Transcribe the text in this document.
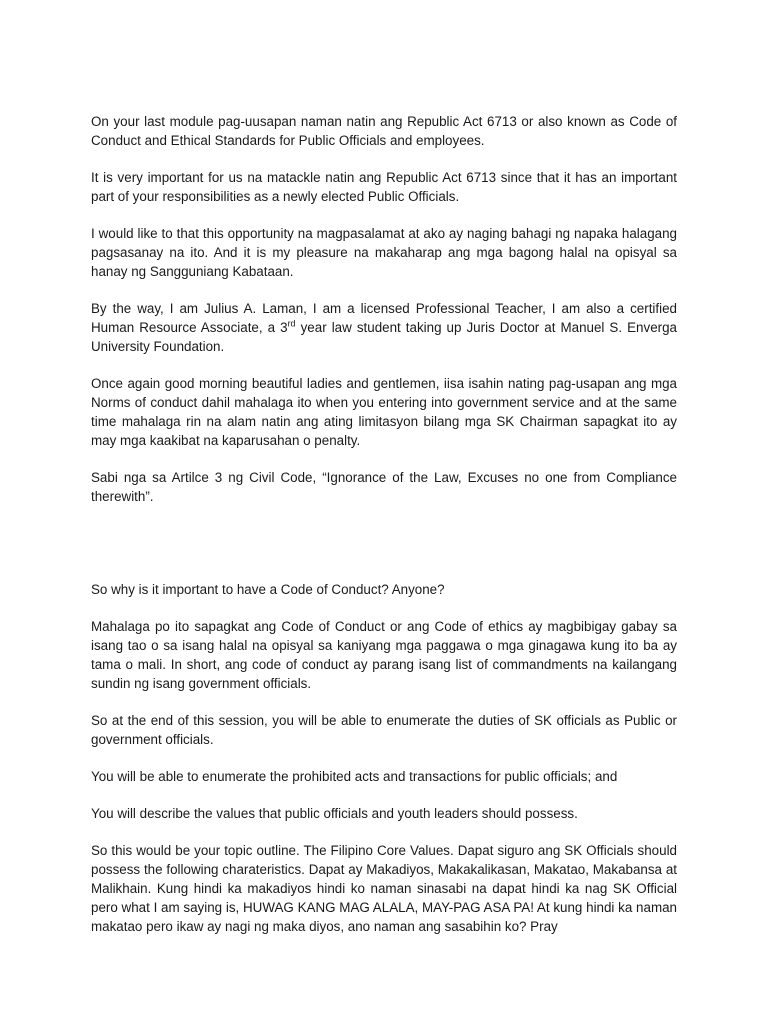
On your last module pag-uusapan naman natin ang Republic Act 6713 or also known as Code of Conduct and Ethical Standards for Public Officials and employees.

It is very important for us na matackle natin ang Republic Act 6713 since that it has an important part of your responsibilities as a newly elected Public Officials.

I would like to that this opportunity na magpasalamat at ako ay naging bahagi ng napaka halagang pagsasanay na ito. And it is my pleasure na makaharap ang mga bagong halal na opisyal sa hanay ng Sangguniang Kabataan.

By the way, I am Julius A. Laman, I am a licensed Professional Teacher, I am also a certified Human Resource Associate, a 3rd year law student taking up Juris Doctor at Manuel S. Enverga University Foundation.

Once again good morning beautiful ladies and gentlemen, iisa isahin nating pag-usapan ang mga Norms of conduct dahil mahalaga ito when you entering into government service and at the same time mahalaga rin na alam natin ang ating limitasyon bilang mga SK Chairman sapagkat ito ay may mga kaakibat na kaparusahan o penalty.

Sabi nga sa Artilce 3 ng Civil Code, “Ignorance of the Law, Excuses no one from Compliance therewith”.

So why is it important to have a Code of Conduct? Anyone?

Mahalaga po ito sapagkat ang Code of Conduct or ang Code of ethics ay magbibigay gabay sa isang tao o sa isang halal na opisyal sa kaniyang mga paggawa o mga ginagawa kung ito ba ay tama o mali. In short, ang code of conduct ay parang isang list of commandments na kailangang sundin ng isang government officials.

So at the end of this session, you will be able to enumerate the duties of SK officials as Public or government officials.

You will be able to enumerate the prohibited acts and transactions for public officials; and

You will describe the values that public officials and youth leaders should possess.

So this would be your topic outline. The Filipino Core Values. Dapat siguro ang SK Officials should possess the following charateristics. Dapat ay Makadiyos, Makakalikasan, Makatao, Makabansa at Malikhain. Kung hindi ka makadiyos hindi ko naman sinasabi na dapat hindi ka nag SK Official pero what I am saying is, HUWAG KANG MAG ALALA, MAY-PAG ASA PA! At kung hindi ka naman makatao pero ikaw ay nagi ng maka diyos, ano naman ang sasabihin ko? Pray
